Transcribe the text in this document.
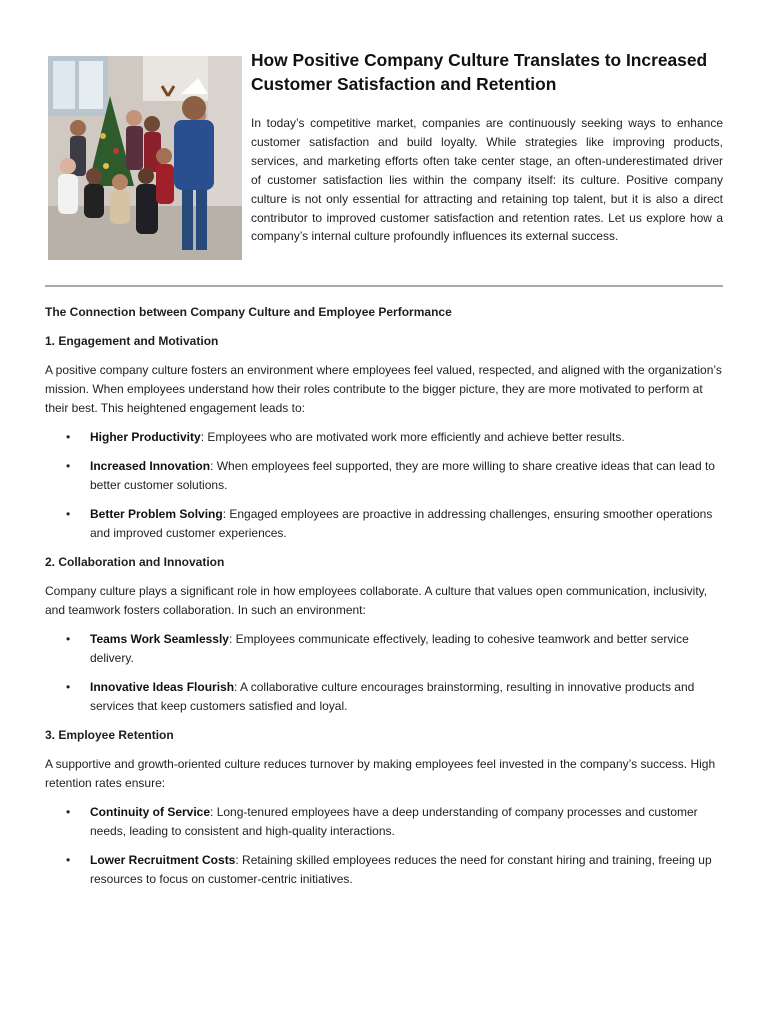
How Positive Company Culture Translates to Increased Customer Satisfaction and Retention

In today’s competitive market, companies are continuously seeking ways to enhance customer satisfaction and build loyalty. While strategies like improving products, services, and marketing efforts often take center stage, an often-underestimated driver of customer satisfaction lies within the company itself: its culture. Positive company culture is not only essential for attracting and retaining top talent, but it is also a direct contributor to improved customer satisfaction and retention rates. Let us explore how a company’s internal culture profoundly influences its external success.

The Connection between Company Culture and Employee Performance
1. Engagement and Motivation

A positive company culture fosters an environment where employees feel valued, respected, and aligned with the organization’s mission. When employees understand how their roles contribute to the bigger picture, they are more motivated to perform at their best. This heightened engagement leads to:

• Higher Productivity: Employees who are motivated work more efficiently and achieve better results.
• Increased Innovation: When employees feel supported, they are more willing to share creative ideas that can lead to better customer solutions.
• Better Problem Solving: Engaged employees are proactive in addressing challenges, ensuring smoother operations and improved customer experiences.
2. Collaboration and Innovation

Company culture plays a significant role in how employees collaborate. A culture that values open communication, inclusivity, and teamwork fosters collaboration. In such an environment:

• Teams Work Seamlessly: Employees communicate effectively, leading to cohesive teamwork and better service delivery.
• Innovative Ideas Flourish: A collaborative culture encourages brainstorming, resulting in innovative products and services that keep customers satisfied and loyal.
3. Employee Retention

A supportive and growth-oriented culture reduces turnover by making employees feel invested in the company’s success. High retention rates ensure:

• Continuity of Service: Long-tenured employees have a deep understanding of company processes and customer needs, leading to consistent and high-quality interactions.
• Lower Recruitment Costs: Retaining skilled employees reduces the need for constant hiring and training, freeing up resources to focus on customer-centric initiatives.
